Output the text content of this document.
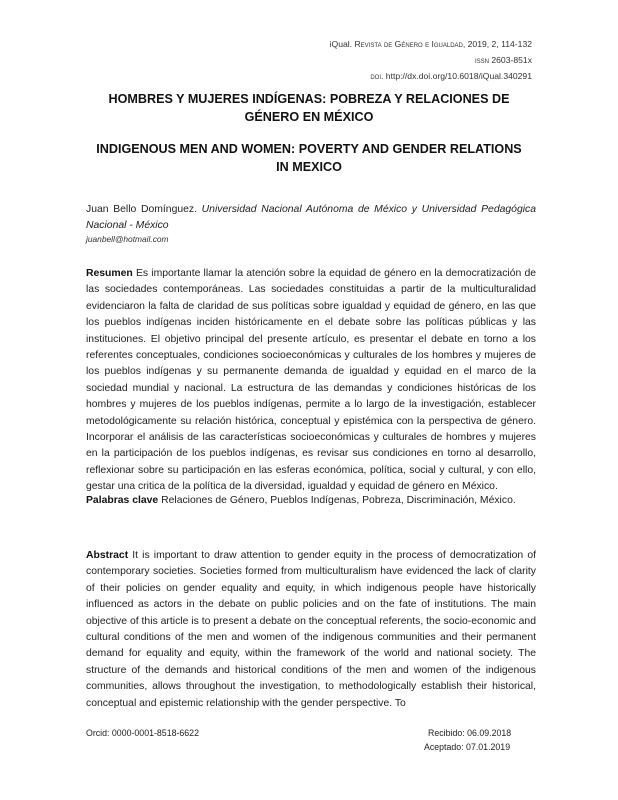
iQual. Revista de Género e Igualdad, 2019, 2, 114-132
issn 2603-851x
doi. http://dx.doi.org/10.6018/iQual.340291
HOMBRES Y MUJERES INDÍGENAS: POBREZA Y RELACIONES DE
GÉNERO EN MÉXICO
INDIGENOUS MEN AND WOMEN: POVERTY AND GENDER RELATIONS
IN MEXICO
Juan Bello Domínguez. Universidad Nacional Autónoma de México y Universidad Pedagógica Nacional - México
juanbell@hotmail.com
Resumen Es importante llamar la atención sobre la equidad de género en la democratización de las sociedades contemporáneas. Las sociedades constituidas a partir de la multiculturalidad evidenciaron la falta de claridad de sus políticas sobre igualdad y equidad de género, en las que los pueblos indígenas inciden históricamente en el debate sobre las políticas públicas y las instituciones. El objetivo principal del presente artículo, es presentar el debate en torno a los referentes conceptuales, condiciones socioeconómicas y culturales de los hombres y mujeres de los pueblos indígenas y su permanente demanda de igualdad y equidad en el marco de la sociedad mundial y nacional. La estructura de las demandas y condiciones históricas de los hombres y mujeres de los pueblos indígenas, permite a lo largo de la investigación, establecer metodológicamente su relación histórica, conceptual y epistémica con la perspectiva de género. Incorporar el análisis de las características socioeconómicas y culturales de hombres y mujeres en la participación de los pueblos indígenas, es revisar sus condiciones en torno al desarrollo, reflexionar sobre su participación en las esferas económica, política, social y cultural, y con ello, gestar una critica de la política de la diversidad, igualdad y equidad de género en México.
Palabras clave Relaciones de Género, Pueblos Indígenas, Pobreza, Discriminación, México.
Abstract It is important to draw attention to gender equity in the process of democratization of contemporary societies. Societies formed from multiculturalism have evidenced the lack of clarity of their policies on gender equality and equity, in which indigenous people have historically influenced as actors in the debate on public policies and on the fate of institutions. The main objective of this article is to present a debate on the conceptual referents, the socio-economic and cultural conditions of the men and women of the indigenous communities and their permanent demand for equality and equity, within the framework of the world and national society. The structure of the demands and historical conditions of the men and women of the indigenous communities, allows throughout the investigation, to methodologically establish their historical, conceptual and epistemic relationship with the gender perspective. To
Orcid: 0000-0001-8518-6622	Recibido: 06.09.2018
Aceptado: 07.01.2019
